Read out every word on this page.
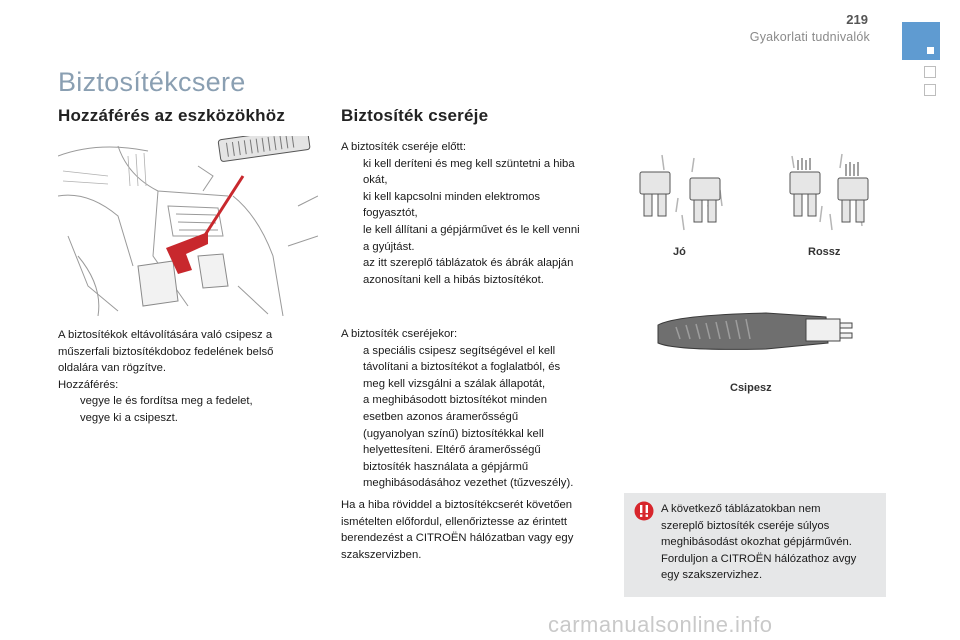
219
Gyakorlati tudnivalók
Biztosítékcsere
Hozzáférés az eszközökhöz	Biztosíték cseréje
A biztosítékok eltávolítására való csipesz a
műszerfali biztosítékdoboz fedelének belső
oldalára van rögzítve.
Hozzáférés:
vegye le és fordítsa meg a fedelet,
vegye ki a csipeszt.
A biztosíték cseréje előtt:
ki kell deríteni és meg kell szüntetni a hiba
okát,
ki kell kapcsolni minden elektromos
fogyasztót,
le kell állítani a gépjárművet és le kell venni
a gyújtást.
az itt szereplő táblázatok és ábrák alapján
azonosítani kell a hibás biztosítékot.
A biztosíték cseréjekor:
a speciális csipesz segítségével el kell
távolítani a biztosítékot a foglalatból, és
meg kell vizsgálni a szálak állapotát,
a meghibásodott biztosítékot minden
esetben azonos áramerősségű
(ugyanolyan színű) biztosítékkal kell
helyettesíteni. Eltérő áramerősségű
biztosíték használata a gépjármű
meghibásodásához vezethet (tűzveszély).
Ha a hiba röviddel a biztosítékcserét követően
ismételten előfordul, ellenőriztesse az érintett
berendezést a CITROËN hálózatban vagy egy
szakszervizben.
Jó	Rossz
Csipesz
A következő táblázatokban nem
szereplő biztosíték cseréje súlyos
meghibásodást okozhat gépjárművén.
Forduljon a CITROËN hálózathoz avgy
egy szakszervizhez.
carmanualsonline.info
